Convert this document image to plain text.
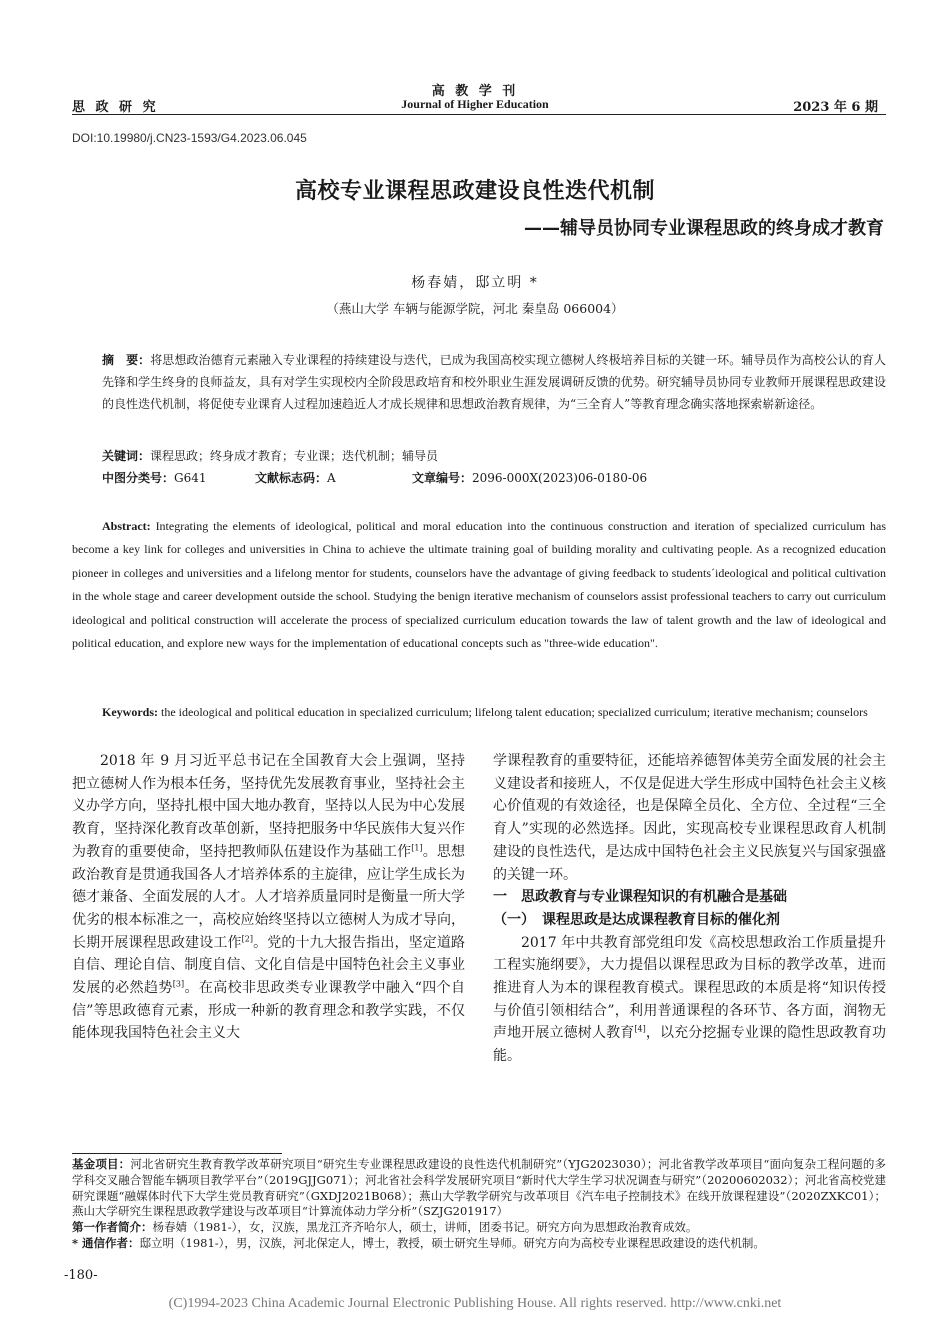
高 教 学 刊
思 政 研 究	Journal of Higher Education	2023 年 6 期
DOI:10.19980/j.CN23-1593/G4.2023.06.045
高校专业课程思政建设良性迭代机制
——辅导员协同专业课程思政的终身成才教育
杨春婧，邸立明 *
（燕山大学 车辆与能源学院，河北 秦皇岛 066004）
摘　要：将思想政治德育元素融入专业课程的持续建设与迭代，已成为我国高校实现立德树人终极培养目标的关键一环。辅导员作为高校公认的育人先锋和学生终身的良师益友，具有对学生实现校内全阶段思政培育和校外职业生涯发展调研反馈的优势。研究辅导员协同专业教师开展课程思政建设的良性迭代机制，将促使专业课育人过程加速趋近人才成长规律和思想政治教育规律，为“三全育人”等教育理念确实落地探索崭新途径。
关键词：课程思政；终身成才教育；专业课；迭代机制；辅导员
中图分类号：G641	文献标志码：A	文章编号：2096-000X(2023)06-0180-06
Abstract: Integrating the elements of ideological, political and moral education into the continuous construction and iteration of specialized curriculum has become a key link for colleges and universities in China to achieve the ultimate training goal of building morality and cultivating people. As a recognized education pioneer in colleges and universities and a lifelong mentor for students, counselors have the advantage of giving feedback to students´ideological and political cultivation in the whole stage and career development outside the school. Studying the benign iterative mechanism of counselors assist professional teachers to carry out curriculum ideological and political construction will accelerate the process of specialized curriculum education towards the law of talent growth and the law of ideological and political education, and explore new ways for the implementation of educational concepts such as "three-wide education".
Keywords: the ideological and political education in specialized curriculum; lifelong talent education; specialized curriculum; iterative mechanism; counselors

2018 年 9 月习近平总书记在全国教育大会上强调，坚持把立德树人作为根本任务，坚持优先发展教育事业，坚持社会主义办学方向，坚持扎根中国大地办教育，坚持以人民为中心发展教育，坚持深化教育改革创新，坚持把服务中华民族伟大复兴作为教育的重要使命，坚持把教师队伍建设作为基础工作[1]。思想政治教育是贯通我国各人才培养体系的主旋律，应让学生成长为德才兼备、全面发展的人才。人才培养质量同时是衡量一所大学优劣的根本标准之一，高校应始终坚持以立德树人为成才导向，长期开展课程思政建设工作[2]。党的十九大报告指出，坚定道路自信、理论自信、制度自信、文化自信是中国特色社会主义事业发展的必然趋势[3]。在高校非思政类专业课教学中融入“四个自信”等思政德育元素，形成一种新的教育理念和教学实践，不仅能体现我国特色社会主义大

学课程教育的重要特征，还能培养德智体美劳全面发展的社会主义建设者和接班人，不仅是促进大学生形成中国特色社会主义核心价值观的有效途径，也是保障全员化、全方位、全过程“三全育人”实现的必然选择。因此，实现高校专业课程思政育人机制建设的良性迭代，是达成中国特色社会主义民族复兴与国家强盛的关键一环。

一　思政教育与专业课程知识的有机融合是基础

（一）　课程思政是达成课程教育目标的催化剂

2017 年中共教育部党组印发《高校思想政治工作质量提升工程实施纲要》，大力提倡以课程思政为目标的教学改革，进而推进育人为本的课程教育模式。课程思政的本质是将“知识传授与价值引领相结合”，利用普通课程的各环节、各方面，润物无声地开展立德树人教育[4]，以充分挖掘专业课的隐性思政教育功能。

基金项目：河北省研究生教育教学改革研究项目“研究生专业课程思政建设的良性迭代机制研究”（YJG2023030）；河北省教学改革项目“面向复杂工程问题的多学科交叉融合智能车辆项目教学平台”（2019GJJG071）；河北省社会科学发展研究项目“新时代大学生学习状况调查与研究”（20200602032）；河北省高校党建研究课题“融媒体时代下大学生党员教育研究”（GXDJ2021B068）；燕山大学教学研究与改革项目《汽车电子控制技术》在线开放课程建设”（2020ZXKC01）；燕山大学研究生课程思政教学建设与改革项目“计算流体动力学分析”（SZJG201917）
第一作者简介：杨春婧（1981-），女，汉族，黑龙江齐齐哈尔人，硕士，讲师，团委书记。研究方向为思想政治教育成效。
* 通信作者：邸立明（1981-），男，汉族，河北保定人，博士，教授，硕士研究生导师。研究方向为高校专业课程思政建设的迭代机制。
-180-
(C)1994-2023 China Academic Journal Electronic Publishing House. All rights reserved. http://www.cnki.net
